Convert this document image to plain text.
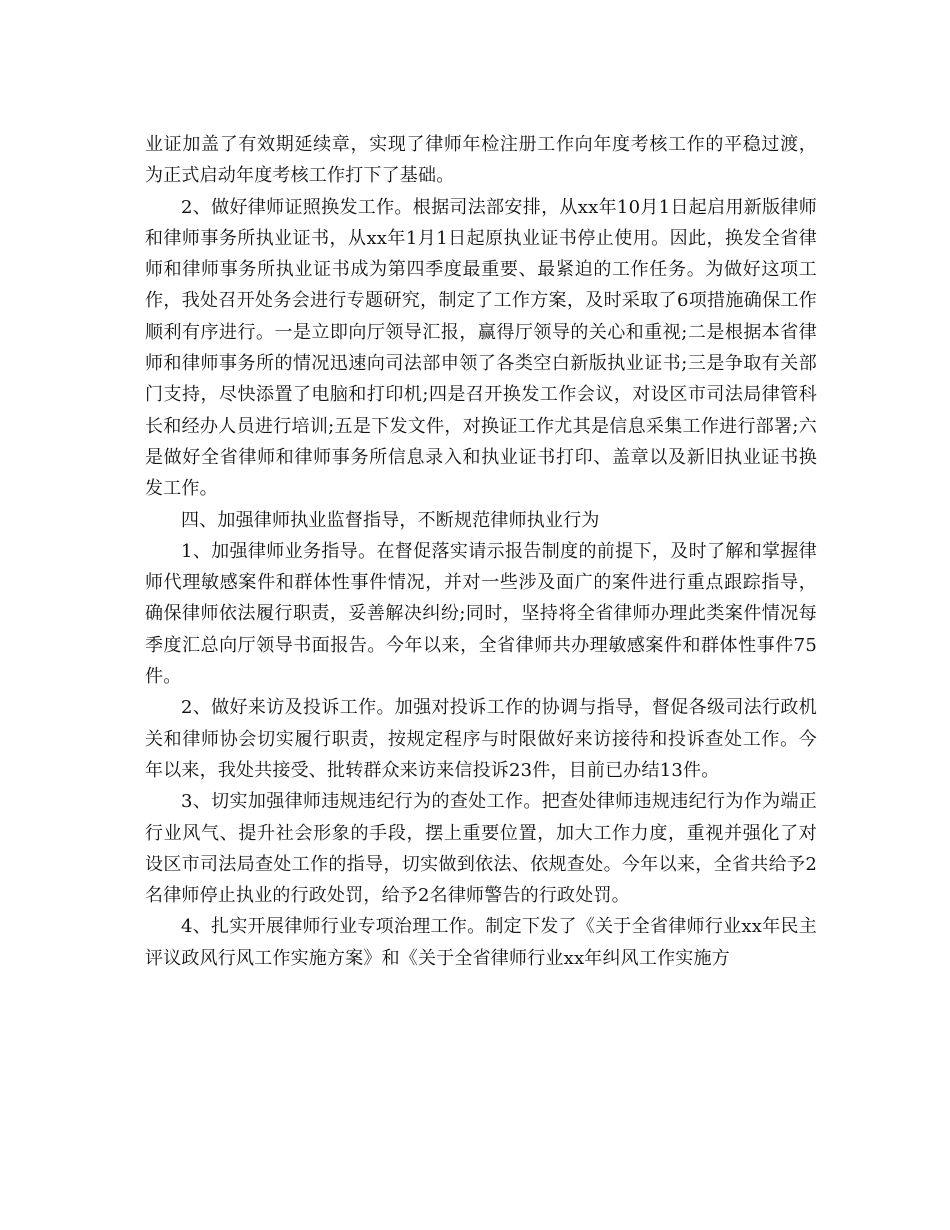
业证加盖了有效期延续章，实现了律师年检注册工作向年度考核工作的平稳过渡，为正式启动年度考核工作打下了基础。

2、做好律师证照换发工作。根据司法部安排，从xx年10月1日起启用新版律师和律师事务所执业证书，从xx年1月1日起原执业证书停止使用。因此，换发全省律师和律师事务所执业证书成为第四季度最重要、最紧迫的工作任务。为做好这项工作，我处召开处务会进行专题研究，制定了工作方案，及时采取了6项措施确保工作顺利有序进行。一是立即向厅领导汇报，赢得厅领导的关心和重视;二是根据本省律师和律师事务所的情况迅速向司法部申领了各类空白新版执业证书;三是争取有关部门支持，尽快添置了电脑和打印机;四是召开换发工作会议，对设区市司法局律管科长和经办人员进行培训;五是下发文件，对换证工作尤其是信息采集工作进行部署;六是做好全省律师和律师事务所信息录入和执业证书打印、盖章以及新旧执业证书换发工作。

四、加强律师执业监督指导，不断规范律师执业行为

1、加强律师业务指导。在督促落实请示报告制度的前提下，及时了解和掌握律师代理敏感案件和群体性事件情况，并对一些涉及面广的案件进行重点跟踪指导，确保律师依法履行职责，妥善解决纠纷;同时，坚持将全省律师办理此类案件情况每季度汇总向厅领导书面报告。今年以来，全省律师共办理敏感案件和群体性事件75件。

2、做好来访及投诉工作。加强对投诉工作的协调与指导，督促各级司法行政机关和律师协会切实履行职责，按规定程序与时限做好来访接待和投诉查处工作。今年以来，我处共接受、批转群众来访来信投诉23件，目前已办结13件。

3、切实加强律师违规违纪行为的查处工作。把查处律师违规违纪行为作为端正行业风气、提升社会形象的手段，摆上重要位置，加大工作力度，重视并强化了对设区市司法局查处工作的指导，切实做到依法、依规查处。今年以来，全省共给予2名律师停止执业的行政处罚，给予2名律师警告的行政处罚。

4、扎实开展律师行业专项治理工作。制定下发了《关于全省律师行业xx年民主评议政风行风工作实施方案》和《关于全省律师行业xx年纠风工作实施方
